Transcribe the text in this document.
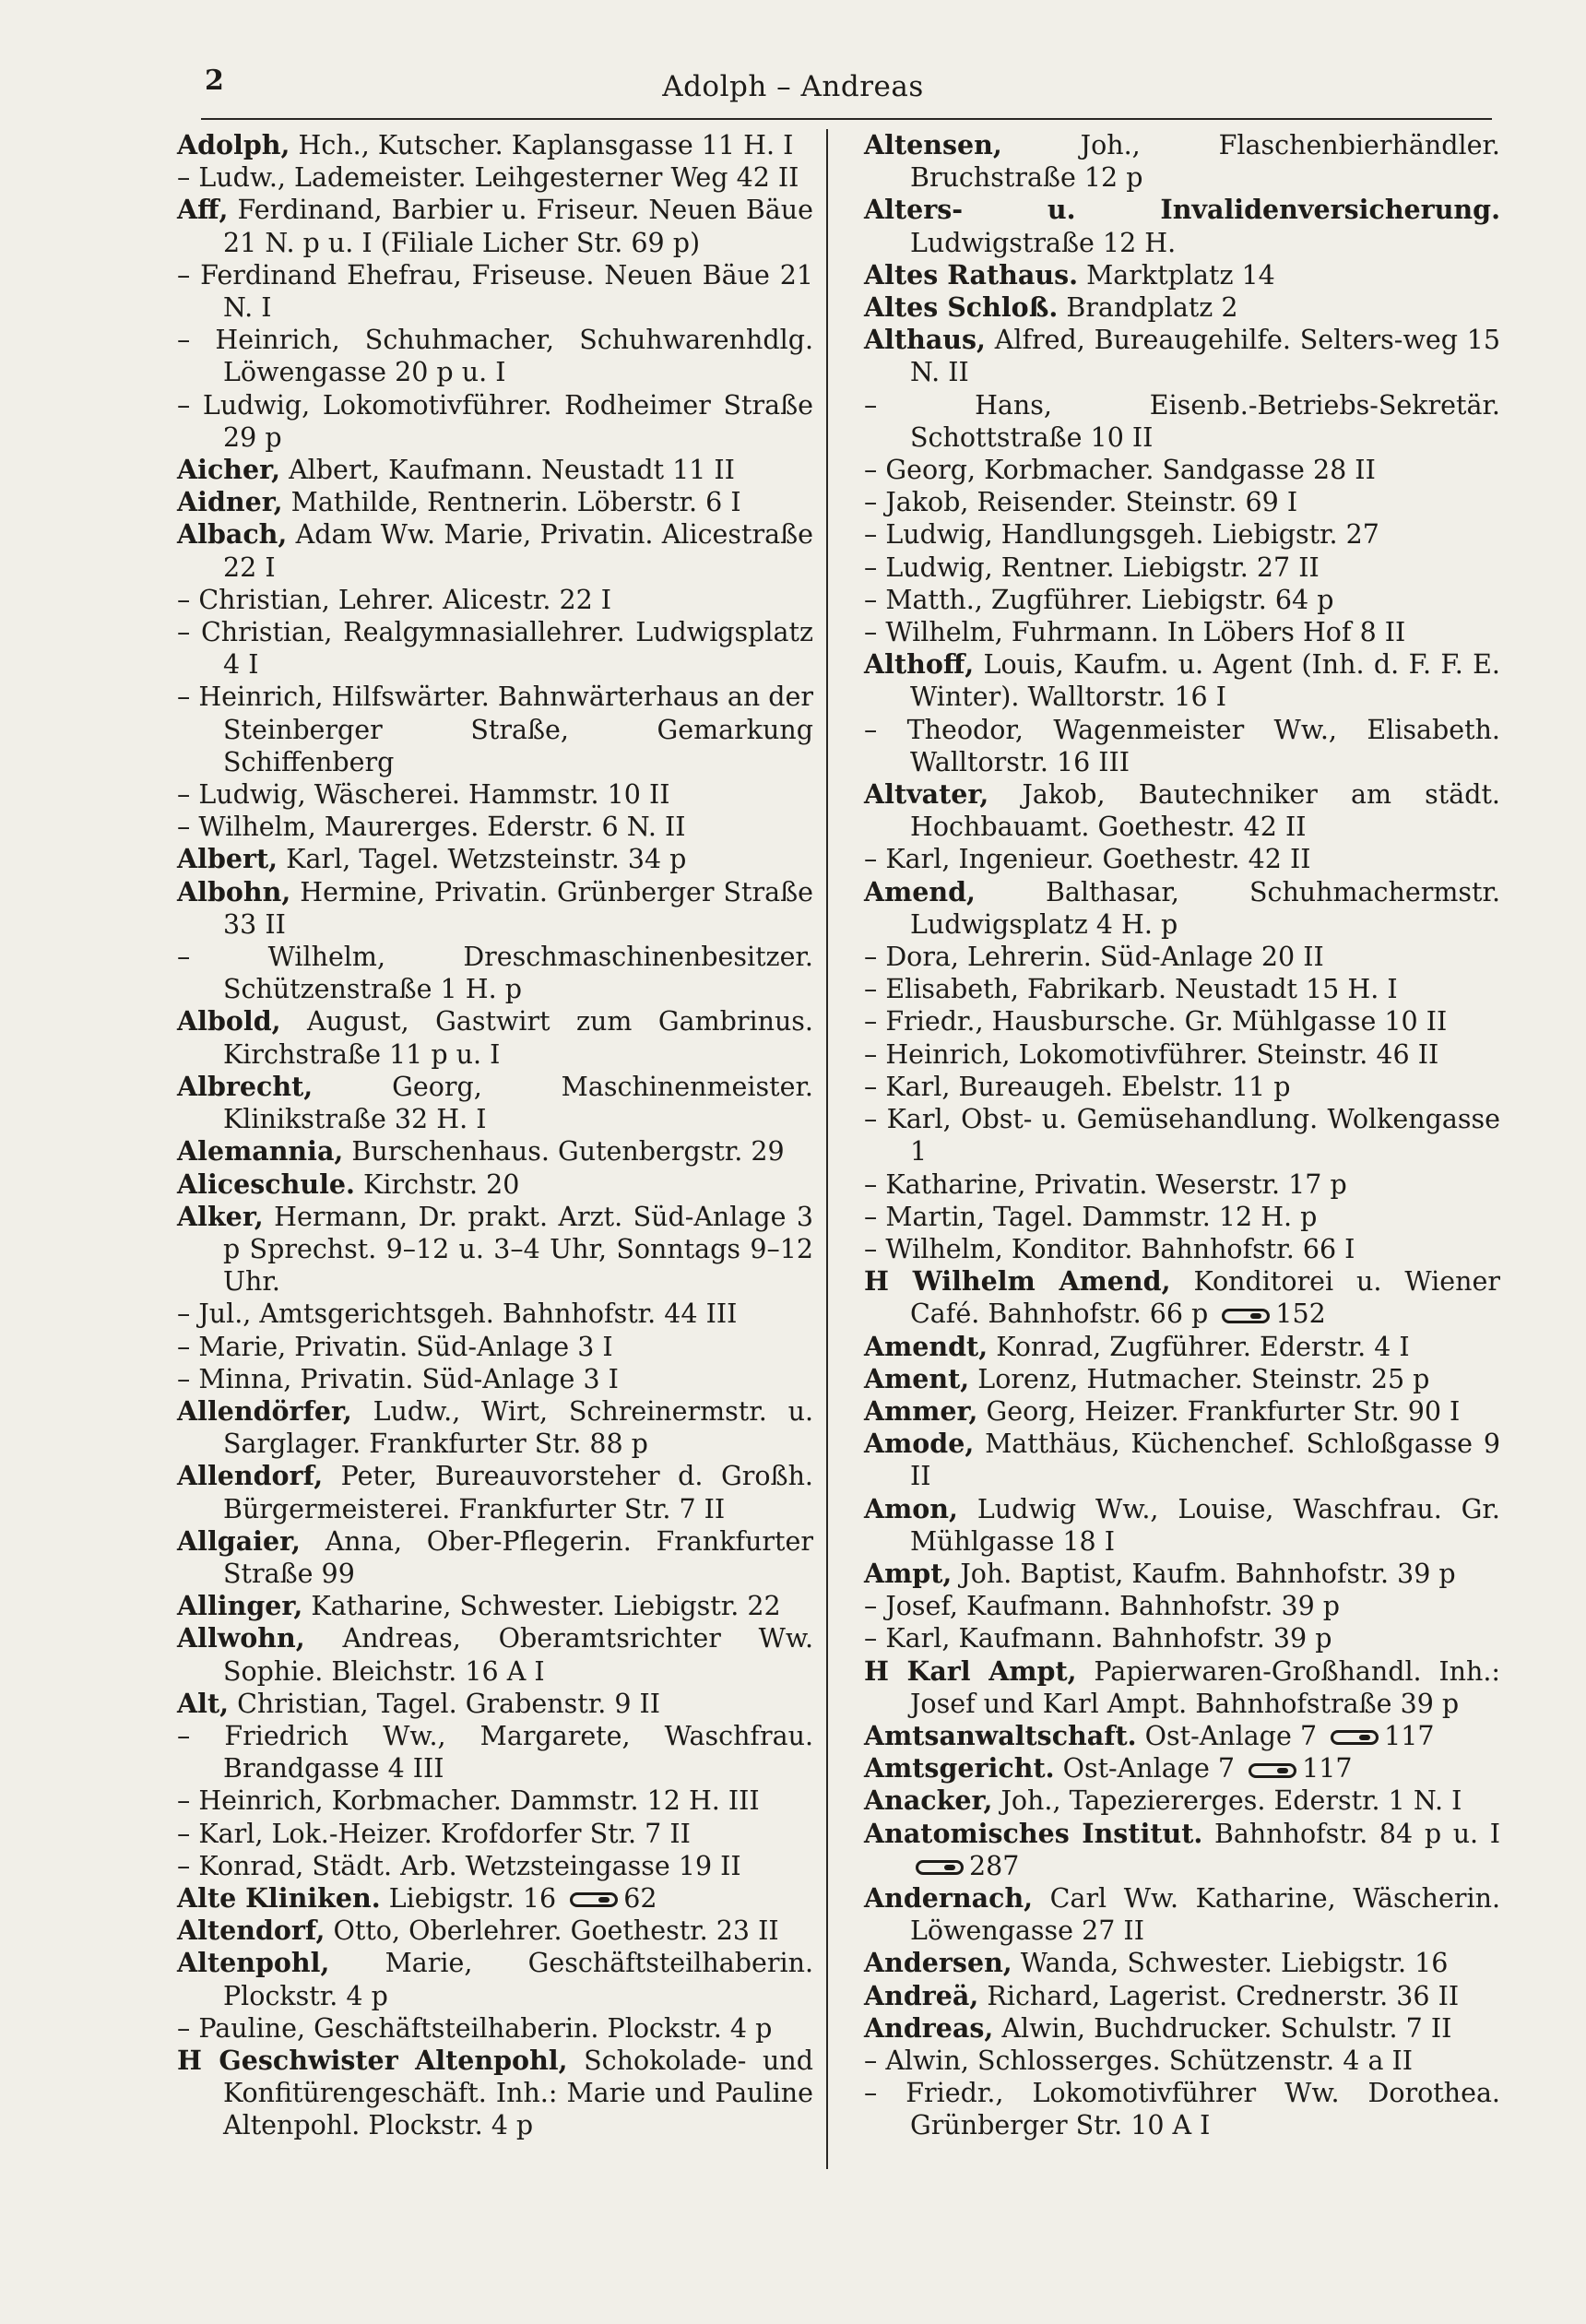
2	Adolph – Andreas
Adolph, Hch., Kutscher. Kaplansgasse 11 H. I
– Ludw., Lademeister. Leihgesterner Weg 42 II
Aff, Ferdinand, Barbier u. Friseur. Neuen Bäue 21 N. p u. I (Filiale Licher Str. 69 p)
– Ferdinand Ehefrau, Friseuse. Neuen Bäue 21 N. I
– Heinrich, Schuhmacher, Schuhwarenhdlg. Löwengasse 20 p u. I
– Ludwig, Lokomotivführer. Rodheimer Straße 29 p
Aicher, Albert, Kaufmann. Neustadt 11 II
Aidner, Mathilde, Rentnerin. Löberstr. 6 I
Albach, Adam Ww. Marie, Privatin. Alicestraße 22 I
– Christian, Lehrer. Alicestr. 22 I
– Christian, Realgymnasiallehrer. Ludwigsplatz 4 I
– Heinrich, Hilfswärter. Bahnwärterhaus an der Steinberger Straße, Gemarkung Schiffenberg
– Ludwig, Wäscherei. Hammstr. 10 II
– Wilhelm, Maurerges. Ederstr. 6 N. II
Albert, Karl, Tagel. Wetzsteinstr. 34 p
Albohn, Hermine, Privatin. Grünberger Straße 33 II
– Wilhelm, Dreschmaschinenbesitzer. Schützenstraße 1 H. p
Albold, August, Gastwirt zum Gambrinus. Kirchstraße 11 p u. I
Albrecht,	Georg, Maschinenmeister. Klinikstraße 32 H. I
Alemannia, Burschenhaus. Gutenbergstr. 29
Aliceschule. Kirchstr. 20
Alker, Hermann, Dr. prakt. Arzt. Süd-Anlage 3 p Sprechst. 9–12 u. 3–4 Uhr, Sonntags 9–12 Uhr.
– Jul., Amtsgerichtsgeh. Bahnhofstr. 44 III
– Marie, Privatin. Süd-Anlage 3 I
– Minna, Privatin. Süd-Anlage 3 I
Allendörfer, Ludw., Wirt, Schreinermstr. u. Sarglager. Frankfurter Str. 88 p
Allendorf, Peter, Bureauvorsteher d. Großh. Bürgermeisterei. Frankfurter Str. 7 II
Allgaier, Anna, Ober-Pflegerin. Frankfurter Straße 99
Allinger, Katharine, Schwester. Liebigstr. 22
Allwohn, Andreas, Oberamtsrichter Ww. Sophie. Bleichstr. 16 A I
Alt, Christian, Tagel. Grabenstr. 9 II
– Friedrich Ww., Margarete, Waschfrau. Brandgasse 4 III
– Heinrich, Korbmacher. Dammstr. 12 H. III
– Karl, Lok.-Heizer. Krofdorfer Str. 7 II
– Konrad, Städt. Arb. Wetzsteingasse 19 II
Alte Kliniken. Liebigstr. 16	62
Altendorf, Otto, Oberlehrer. Goethestr. 23 II
Altenpohl, Marie, Geschäftsteilhaberin. Plockstr. 4 p
– Pauline, Geschäftsteilhaberin. Plockstr. 4 p
H Geschwister Altenpohl, Schokolade- und Konfitürengeschäft. Inh.: Marie und Pauline Altenpohl. Plockstr. 4 p
Altensen,	Joh., Flaschenbierhändler. Bruchstraße 12 p
Alters- u. Invalidenversicherung. Ludwigstraße 12 H.
Altes Rathaus. Marktplatz 14
Altes Schloß. Brandplatz 2
Althaus, Alfred, Bureaugehilfe. Selters-weg 15 N. II
– Hans, Eisenb.-Betriebs-Sekretär. Schottstraße 10 II
– Georg, Korbmacher. Sandgasse 28 II
– Jakob, Reisender. Steinstr. 69 I
– Ludwig, Handlungsgeh. Liebigstr. 27
– Ludwig, Rentner. Liebigstr. 27 II
– Matth., Zugführer. Liebigstr. 64 p
– Wilhelm, Fuhrmann. In Löbers Hof 8 II
Althoff, Louis, Kaufm. u. Agent (Inh. d. F. F. E. Winter). Walltorstr. 16 I
– Theodor, Wagenmeister Ww., Elisabeth. Walltorstr. 16 III
Altvater, Jakob, Bautechniker am städt. Hochbauamt. Goethestr. 42 II
– Karl, Ingenieur. Goethestr. 42 II
Amend,	Balthasar, Schuhmachermstr. Ludwigsplatz 4 H. p
– Dora, Lehrerin. Süd-Anlage 20 II
– Elisabeth, Fabrikarb. Neustadt 15 H. I
– Friedr., Hausbursche. Gr. Mühlgasse 10 II
– Heinrich, Lokomotivführer. Steinstr. 46 II
– Karl, Bureaugeh. Ebelstr. 11 p
– Karl, Obst- u. Gemüsehandlung. Wolkengasse 1
– Katharine, Privatin. Weserstr. 17 p
– Martin, Tagel. Dammstr. 12 H. p
– Wilhelm, Konditor. Bahnhofstr. 66 I
H Wilhelm Amend, Konditorei u. Wiener Café. Bahnhofstr. 66 p	152
Amendt, Konrad, Zugführer. Ederstr. 4 I
Ament, Lorenz, Hutmacher. Steinstr. 25 p
Ammer, Georg, Heizer. Frankfurter Str. 90 I
Amode, Matthäus, Küchenchef. Schloßgasse 9 II
Amon, Ludwig Ww., Louise, Waschfrau. Gr. Mühlgasse 18 I
Ampt, Joh. Baptist, Kaufm. Bahnhofstr. 39 p
– Josef, Kaufmann. Bahnhofstr. 39 p
– Karl, Kaufmann. Bahnhofstr. 39 p
H Karl Ampt, Papierwaren-Großhandl. Inh.: Josef und Karl Ampt. Bahnhofstraße 39 p
Amtsanwaltschaft. Ost-Anlage 7	117
Amtsgericht. Ost-Anlage 7	117
Anacker, Joh., Tapeziererges. Ederstr. 1 N. I
Anatomisches Institut. Bahnhofstr. 84 p u. I 287
Andernach, Carl Ww. Katharine, Wäscherin. Löwengasse 27 II
Andersen, Wanda, Schwester. Liebigstr. 16
Andreä, Richard, Lagerist. Crednerstr. 36 II
Andreas, Alwin, Buchdrucker. Schulstr. 7 II
– Alwin, Schlosserges. Schützenstr. 4 a II
– Friedr., Lokomotivführer Ww. Dorothea. Grünberger Str. 10 A I
